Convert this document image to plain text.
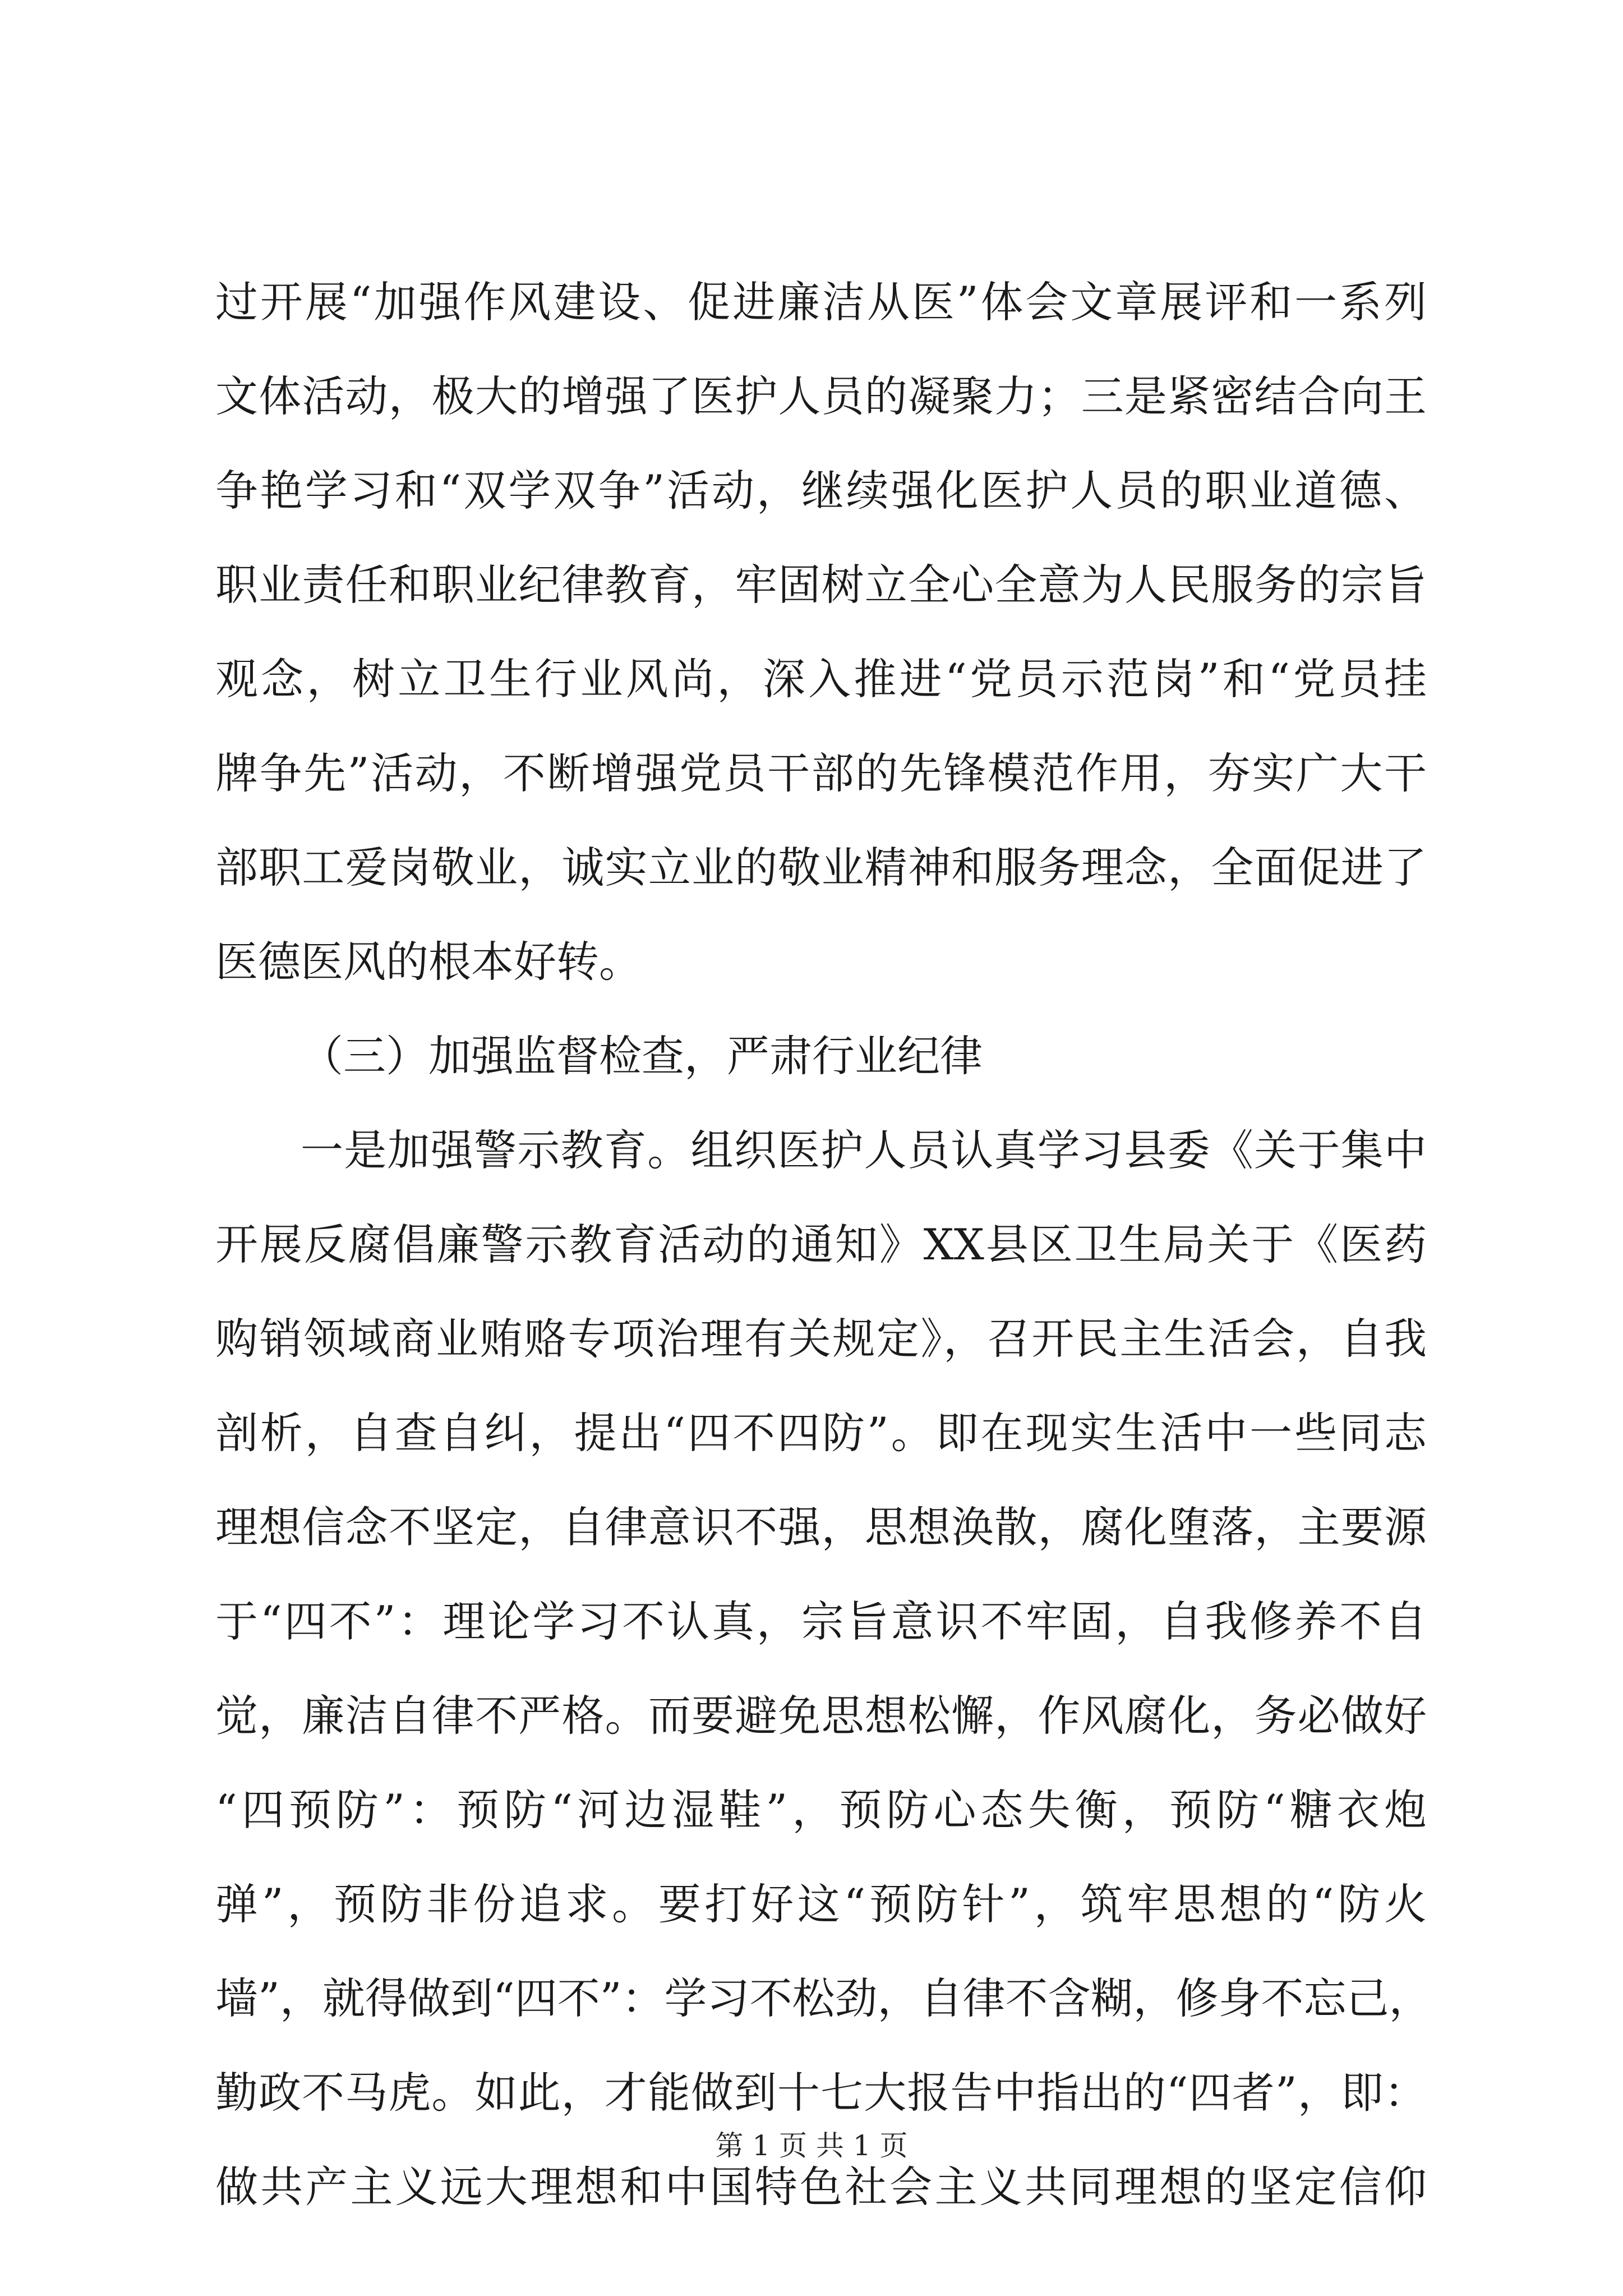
过开展“加强作风建设、促进廉洁从医”体会文章展评和一系列
文体活动，极大的增强了医护人员的凝聚力；三是紧密结合向王
争艳学习和“双学双争”活动，继续强化医护人员的职业道德、
职业责任和职业纪律教育，牢固树立全心全意为人民服务的宗旨
观念，树立卫生行业风尚，深入推进“党员示范岗”和“党员挂
牌争先”活动，不断增强党员干部的先锋模范作用，夯实广大干
部职工爱岗敬业，诚实立业的敬业精神和服务理念，全面促进了
医德医风的根本好转。
（三）加强监督检查，严肃行业纪律
一是加强警示教育。组织医护人员认真学习县委《关于集中
开展反腐倡廉警示教育活动的通知》XX县区卫生局关于《医药
购销领域商业贿赂专项治理有关规定》，召开民主生活会，自我
剖析，自查自纠，提出“四不四防”。即在现实生活中一些同志
理想信念不坚定，自律意识不强，思想涣散，腐化堕落，主要源
于“四不”：理论学习不认真，宗旨意识不牢固，自我修养不自
觉，廉洁自律不严格。而要避免思想松懈，作风腐化，务必做好
“四预防”：预防“河边湿鞋”，预防心态失衡，预防“糖衣炮
弹”，预防非份追求。要打好这“预防针”，筑牢思想的“防火
墙”，就得做到“四不”：学习不松劲，自律不含糊，修身不忘己，
勤政不马虎。如此，才能做到十七大报告中指出的“四者”，即：
做共产主义远大理想和中国特色社会主义共同理想的坚定信仰
第 1 页 共 1 页
